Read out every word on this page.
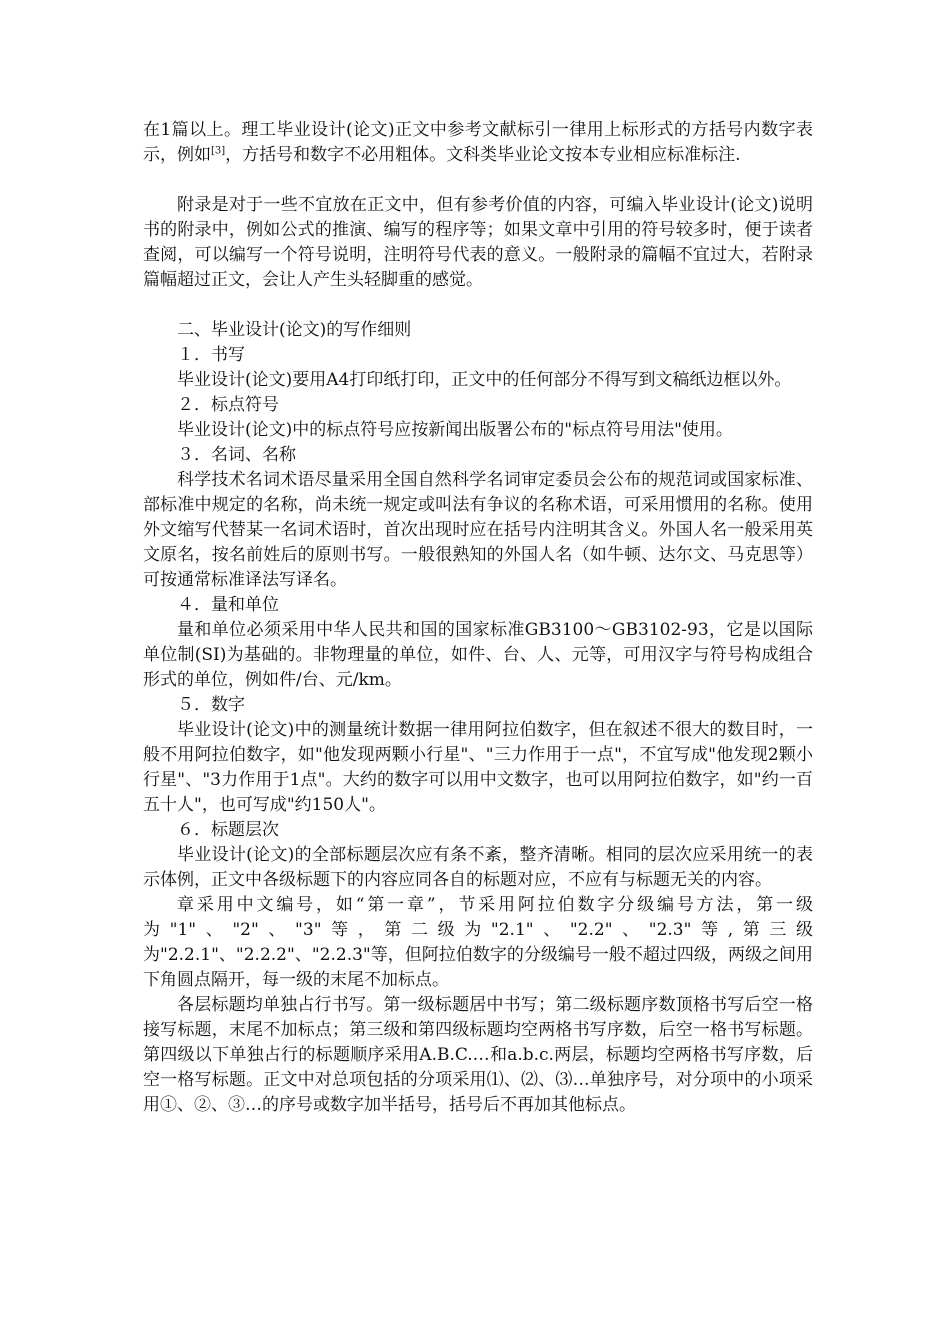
在1篇以上。理工毕业设计(论文)正文中参考文献标引一律用上标形式的方括号内数字表示，例如[3]，方括号和数字不必用粗体。文科类毕业论文按本专业相应标准标注.

附录是对于一些不宜放在正文中，但有参考价值的内容，可编入毕业设计(论文)说明书的附录中，例如公式的推演、编写的程序等；如果文章中引用的符号较多时，便于读者查阅，可以编写一个符号说明，注明符号代表的意义。一般附录的篇幅不宜过大，若附录篇幅超过正文，会让人产生头轻脚重的感觉。

二、毕业设计(论文)的写作细则
１．书写

毕业设计(论文)要用A4打印纸打印，正文中的任何部分不得写到文稿纸边框以外。

２．标点符号

毕业设计(论文)中的标点符号应按新闻出版署公布的"标点符号用法"使用。

３．名词、名称

科学技术名词术语尽量采用全国自然科学名词审定委员会公布的规范词或国家标准、部标准中规定的名称，尚未统一规定或叫法有争议的名称术语，可采用惯用的名称。使用外文缩写代替某一名词术语时，首次出现时应在括号内注明其含义。外国人名一般采用英文原名，按名前姓后的原则书写。一般很熟知的外国人名（如牛顿、达尔文、马克思等）可按通常标准译法写译名。

４．量和单位

量和单位必须采用中华人民共和国的国家标准GB3100～GB3102-93，它是以国际单位制(SI)为基础的。非物理量的单位，如件、台、人、元等，可用汉字与符号构成组合形式的单位，例如件/台、元/km。

５．数字

毕业设计(论文)中的测量统计数据一律用阿拉伯数字，但在叙述不很大的数目时，一般不用阿拉伯数字，如"他发现两颗小行星"、"三力作用于一点"，不宜写成"他发现2颗小行星"、"3力作用于1点"。大约的数字可以用中文数字，也可以用阿拉伯数字，如"约一百五十人"，也可写成"约150人"。

６．标题层次

毕业设计(论文)的全部标题层次应有条不紊，整齐清晰。相同的层次应采用统一的表示体例，正文中各级标题下的内容应同各自的标题对应，不应有与标题无关的内容。

章采用中文编号，如“第一章”，节采用阿拉伯数字分级编号方法，第一级为"1"、"2"、"3"等，第二级为"2.1"、"2.2"、"2.3"等,第三级为"2.2.1"、"2.2.2"、"2.2.3"等，但阿拉伯数字的分级编号一般不超过四级，两级之间用下角圆点隔开，每一级的末尾不加标点。

各层标题均单独占行书写。第一级标题居中书写；第二级标题序数顶格书写后空一格接写标题，末尾不加标点；第三级和第四级标题均空两格书写序数，后空一格书写标题。第四级以下单独占行的标题顺序采用A.B.C.…和a.b.c.两层，标题均空两格书写序数，后空一格写标题。正文中对总项包括的分项采用⑴、⑵、⑶…单独序号，对分项中的小项采用①、②、③…的序号或数字加半括号，括号后不再加其他标点。
